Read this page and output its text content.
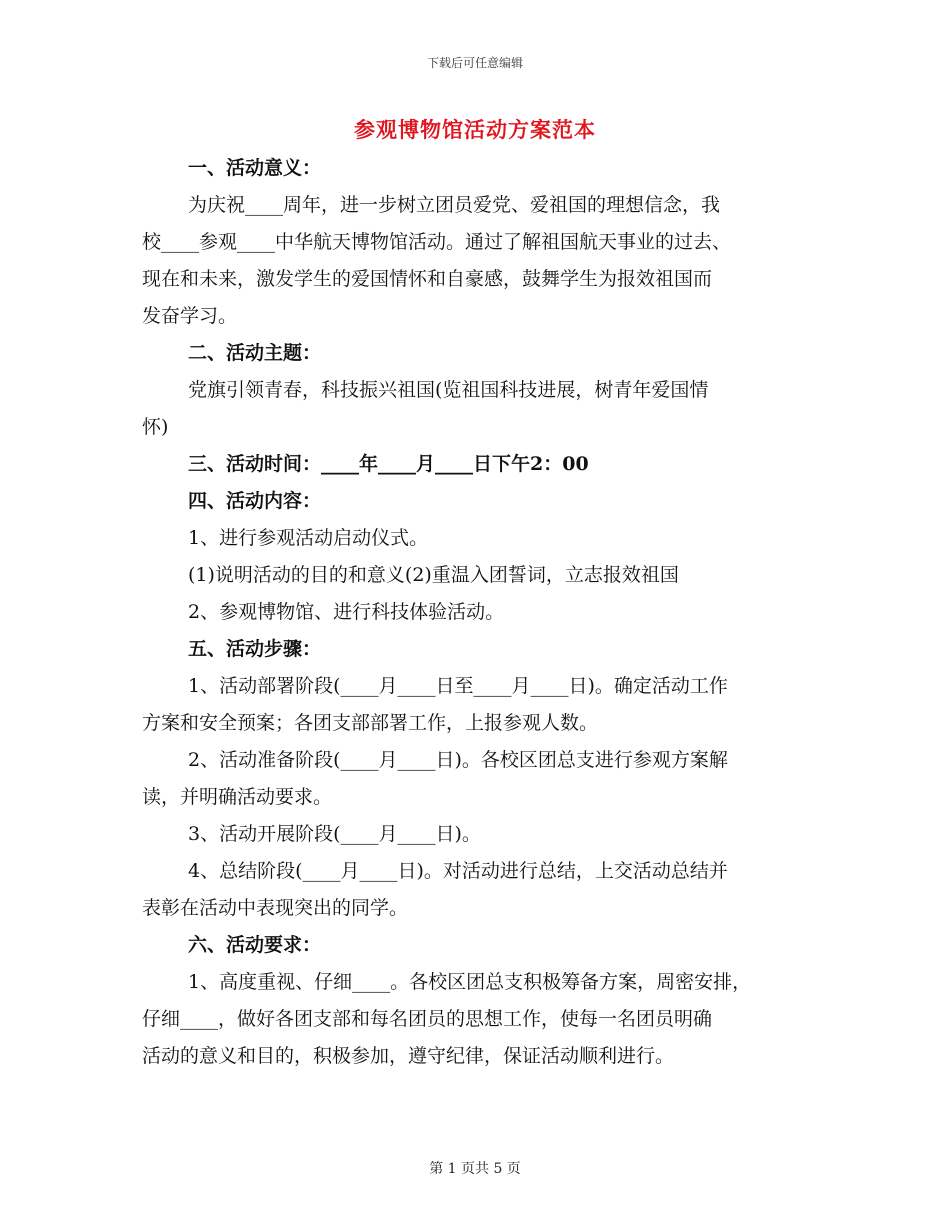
下载后可任意编辑
参观博物馆活动方案范本
一、活动意义：
为庆祝____周年，进一步树立团员爱党、爱祖国的理想信念，我
校____参观____中华航天博物馆活动。通过了解祖国航天事业的过去、
现在和未来，激发学生的爱国情怀和自豪感，鼓舞学生为报效祖国而
发奋学习。
二、活动主题：
党旗引领青春，科技振兴祖国(览祖国科技进展，树青年爱国情
怀)
三、活动时间：____年____月____日下午2：00
四、活动内容：
1、进行参观活动启动仪式。
(1)说明活动的目的和意义(2)重温入团誓词，立志报效祖国
2、参观博物馆、进行科技体验活动。
五、活动步骤：
1、活动部署阶段(____月____日至____月____日)。确定活动工作
方案和安全预案；各团支部部署工作，上报参观人数。
2、活动准备阶段(____月____日)。各校区团总支进行参观方案解
读，并明确活动要求。
3、活动开展阶段(____月____日)。
4、总结阶段(____月____日)。对活动进行总结，上交活动总结并
表彰在活动中表现突出的同学。
六、活动要求：
1、高度重视、仔细____。各校区团总支积极筹备方案，周密安排，
仔细____，做好各团支部和每名团员的思想工作，使每一名团员明确
活动的意义和目的，积极参加，遵守纪律，保证活动顺利进行。
第 1 页共 5 页
